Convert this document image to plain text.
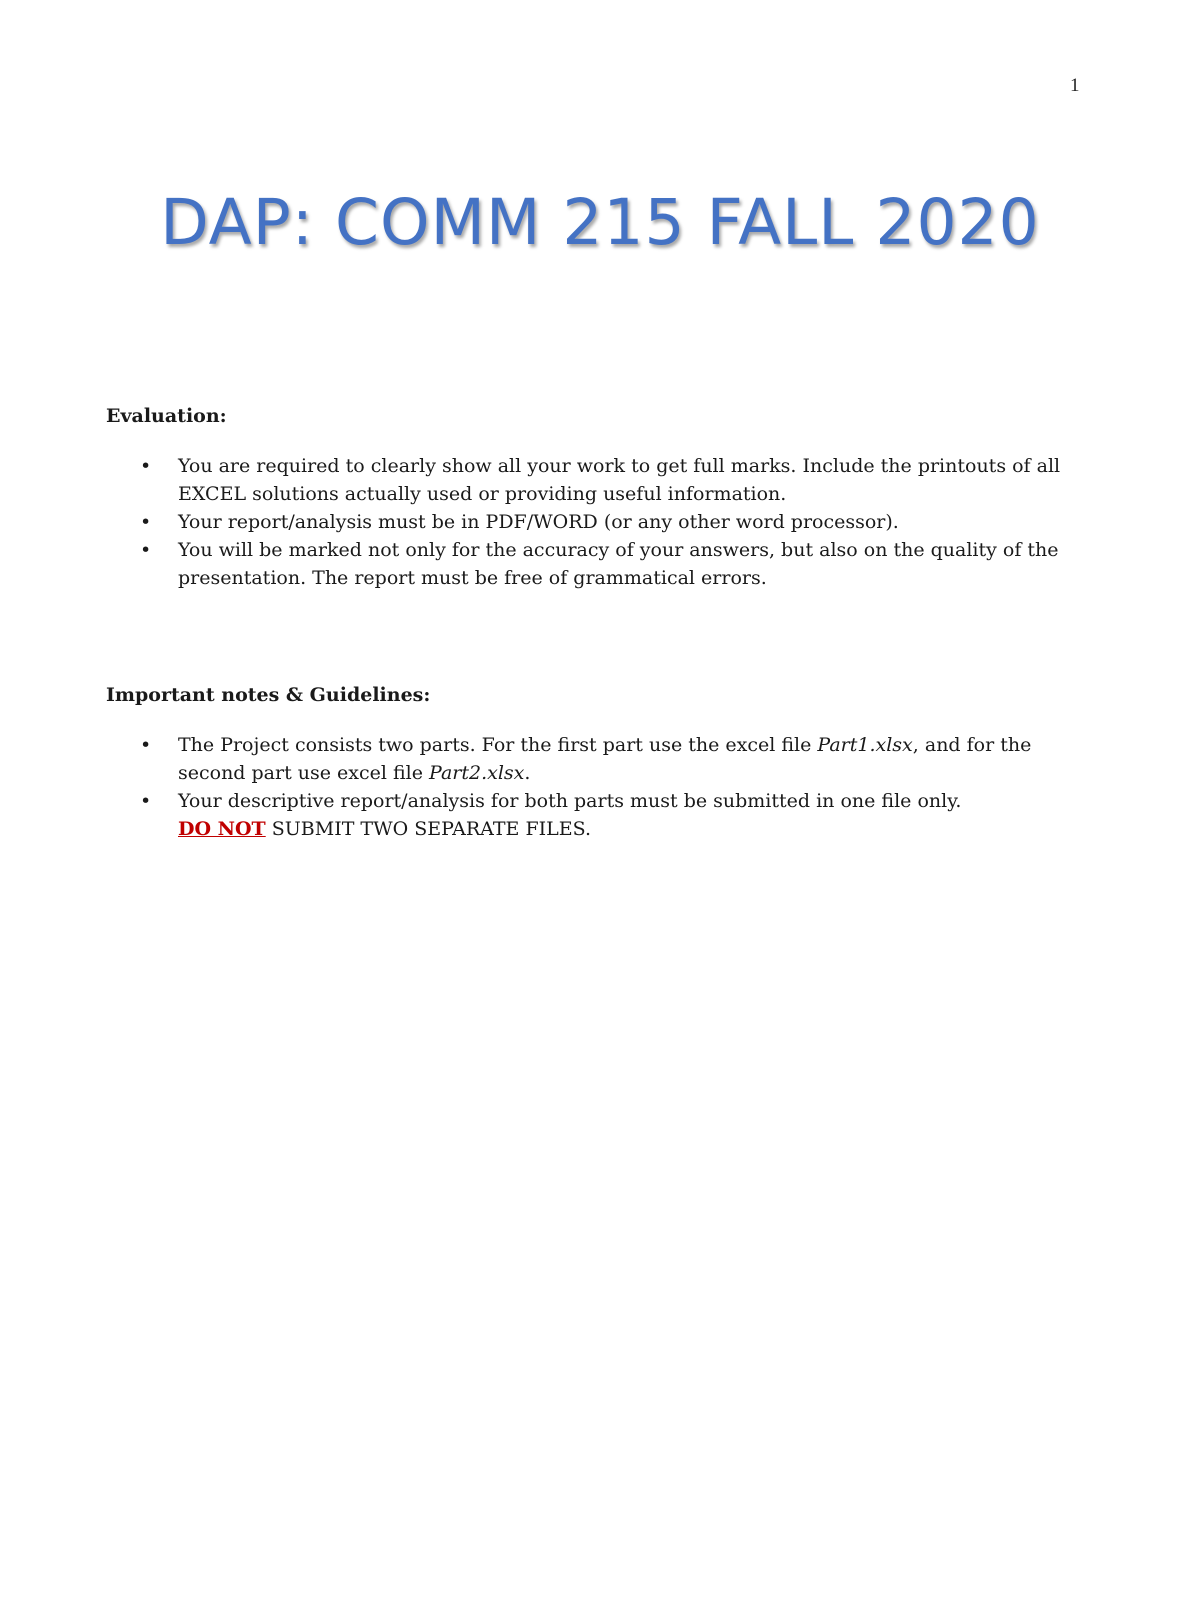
1
DAP: COMM 215 FALL 2020

Evaluation:

• You are required to clearly show all your work to get full marks. Include the printouts of all EXCEL solutions actually used or providing useful information.
• Your report/analysis must be in PDF/WORD (or any other word processor).
• You will be marked not only for the accuracy of your answers, but also on the quality of the presentation. The report must be free of grammatical errors.

Important notes & Guidelines:

• The Project consists two parts. For the first part use the excel file Part1.xlsx, and for the second part use excel file Part2.xlsx.
• Your descriptive report/analysis for both parts must be submitted in one file only.
DO NOT SUBMIT TWO SEPARATE FILES.
